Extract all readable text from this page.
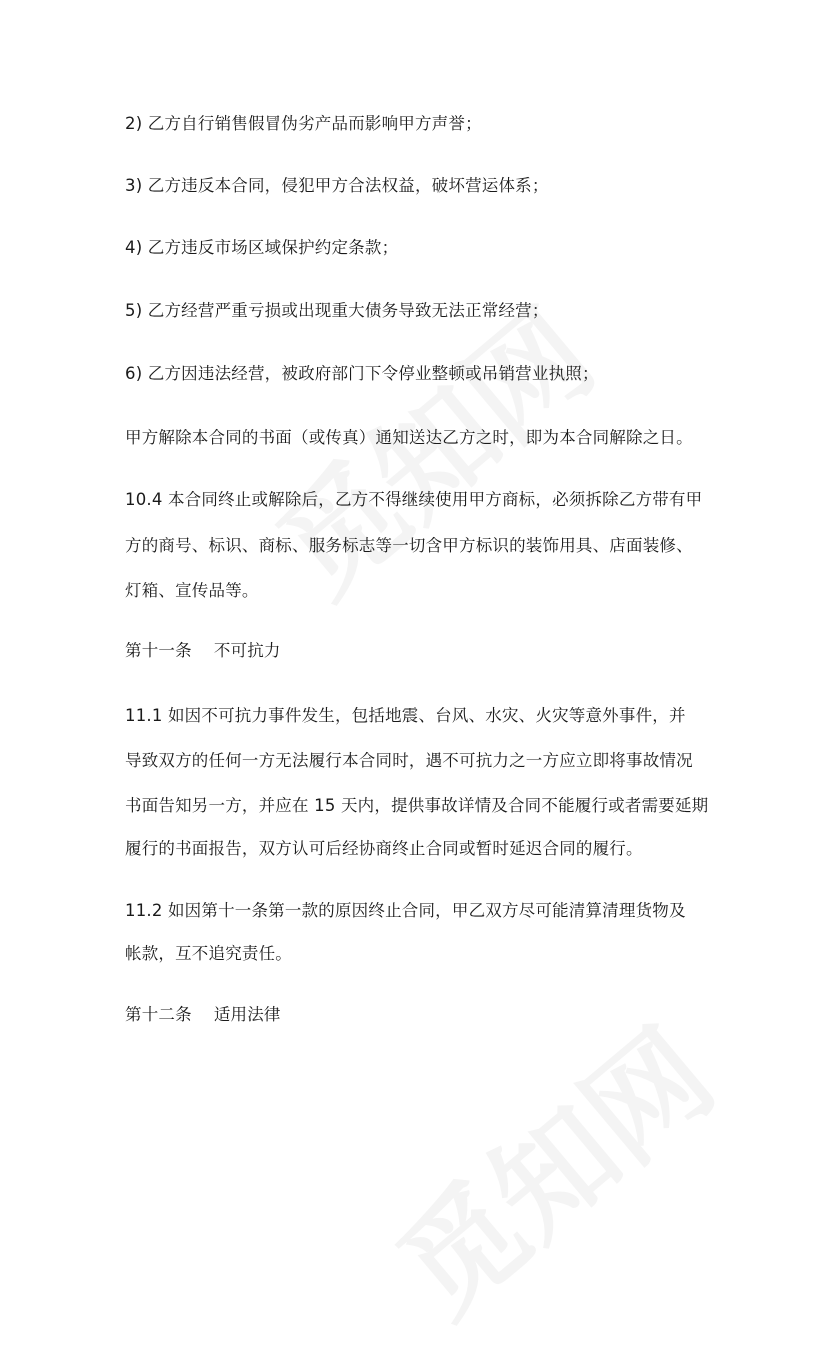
2) 乙方自行销售假冒伪劣产品而影响甲方声誉；
3) 乙方违反本合同，侵犯甲方合法权益，破坏营运体系；
4) 乙方违反市场区域保护约定条款；
5) 乙方经营严重亏损或出现重大债务导致无法正常经营；
6) 乙方因违法经营，被政府部门下令停业整顿或吊销营业执照；
甲方解除本合同的书面（或传真）通知送达乙方之时，即为本合同解除之日。
10.4 本合同终止或解除后，乙方不得继续使用甲方商标，必须拆除乙方带有甲
方的商号、标识、商标、服务标志等一切含甲方标识的装饰用具、店面装修、
灯箱、宣传品等。
第十一条 不可抗力
11.1 如因不可抗力事件发生，包括地震、台风、水灾、火灾等意外事件，并
导致双方的任何一方无法履行本合同时，遇不可抗力之一方应立即将事故情况
书面告知另一方，并应在 15 天内，提供事故详情及合同不能履行或者需要延期
履行的书面报告，双方认可后经协商终止合同或暂时延迟合同的履行。
11.2 如因第十一条第一款的原因终止合同，甲乙双方尽可能清算清理货物及
帐款，互不追究责任。
第十二条 适用法律
